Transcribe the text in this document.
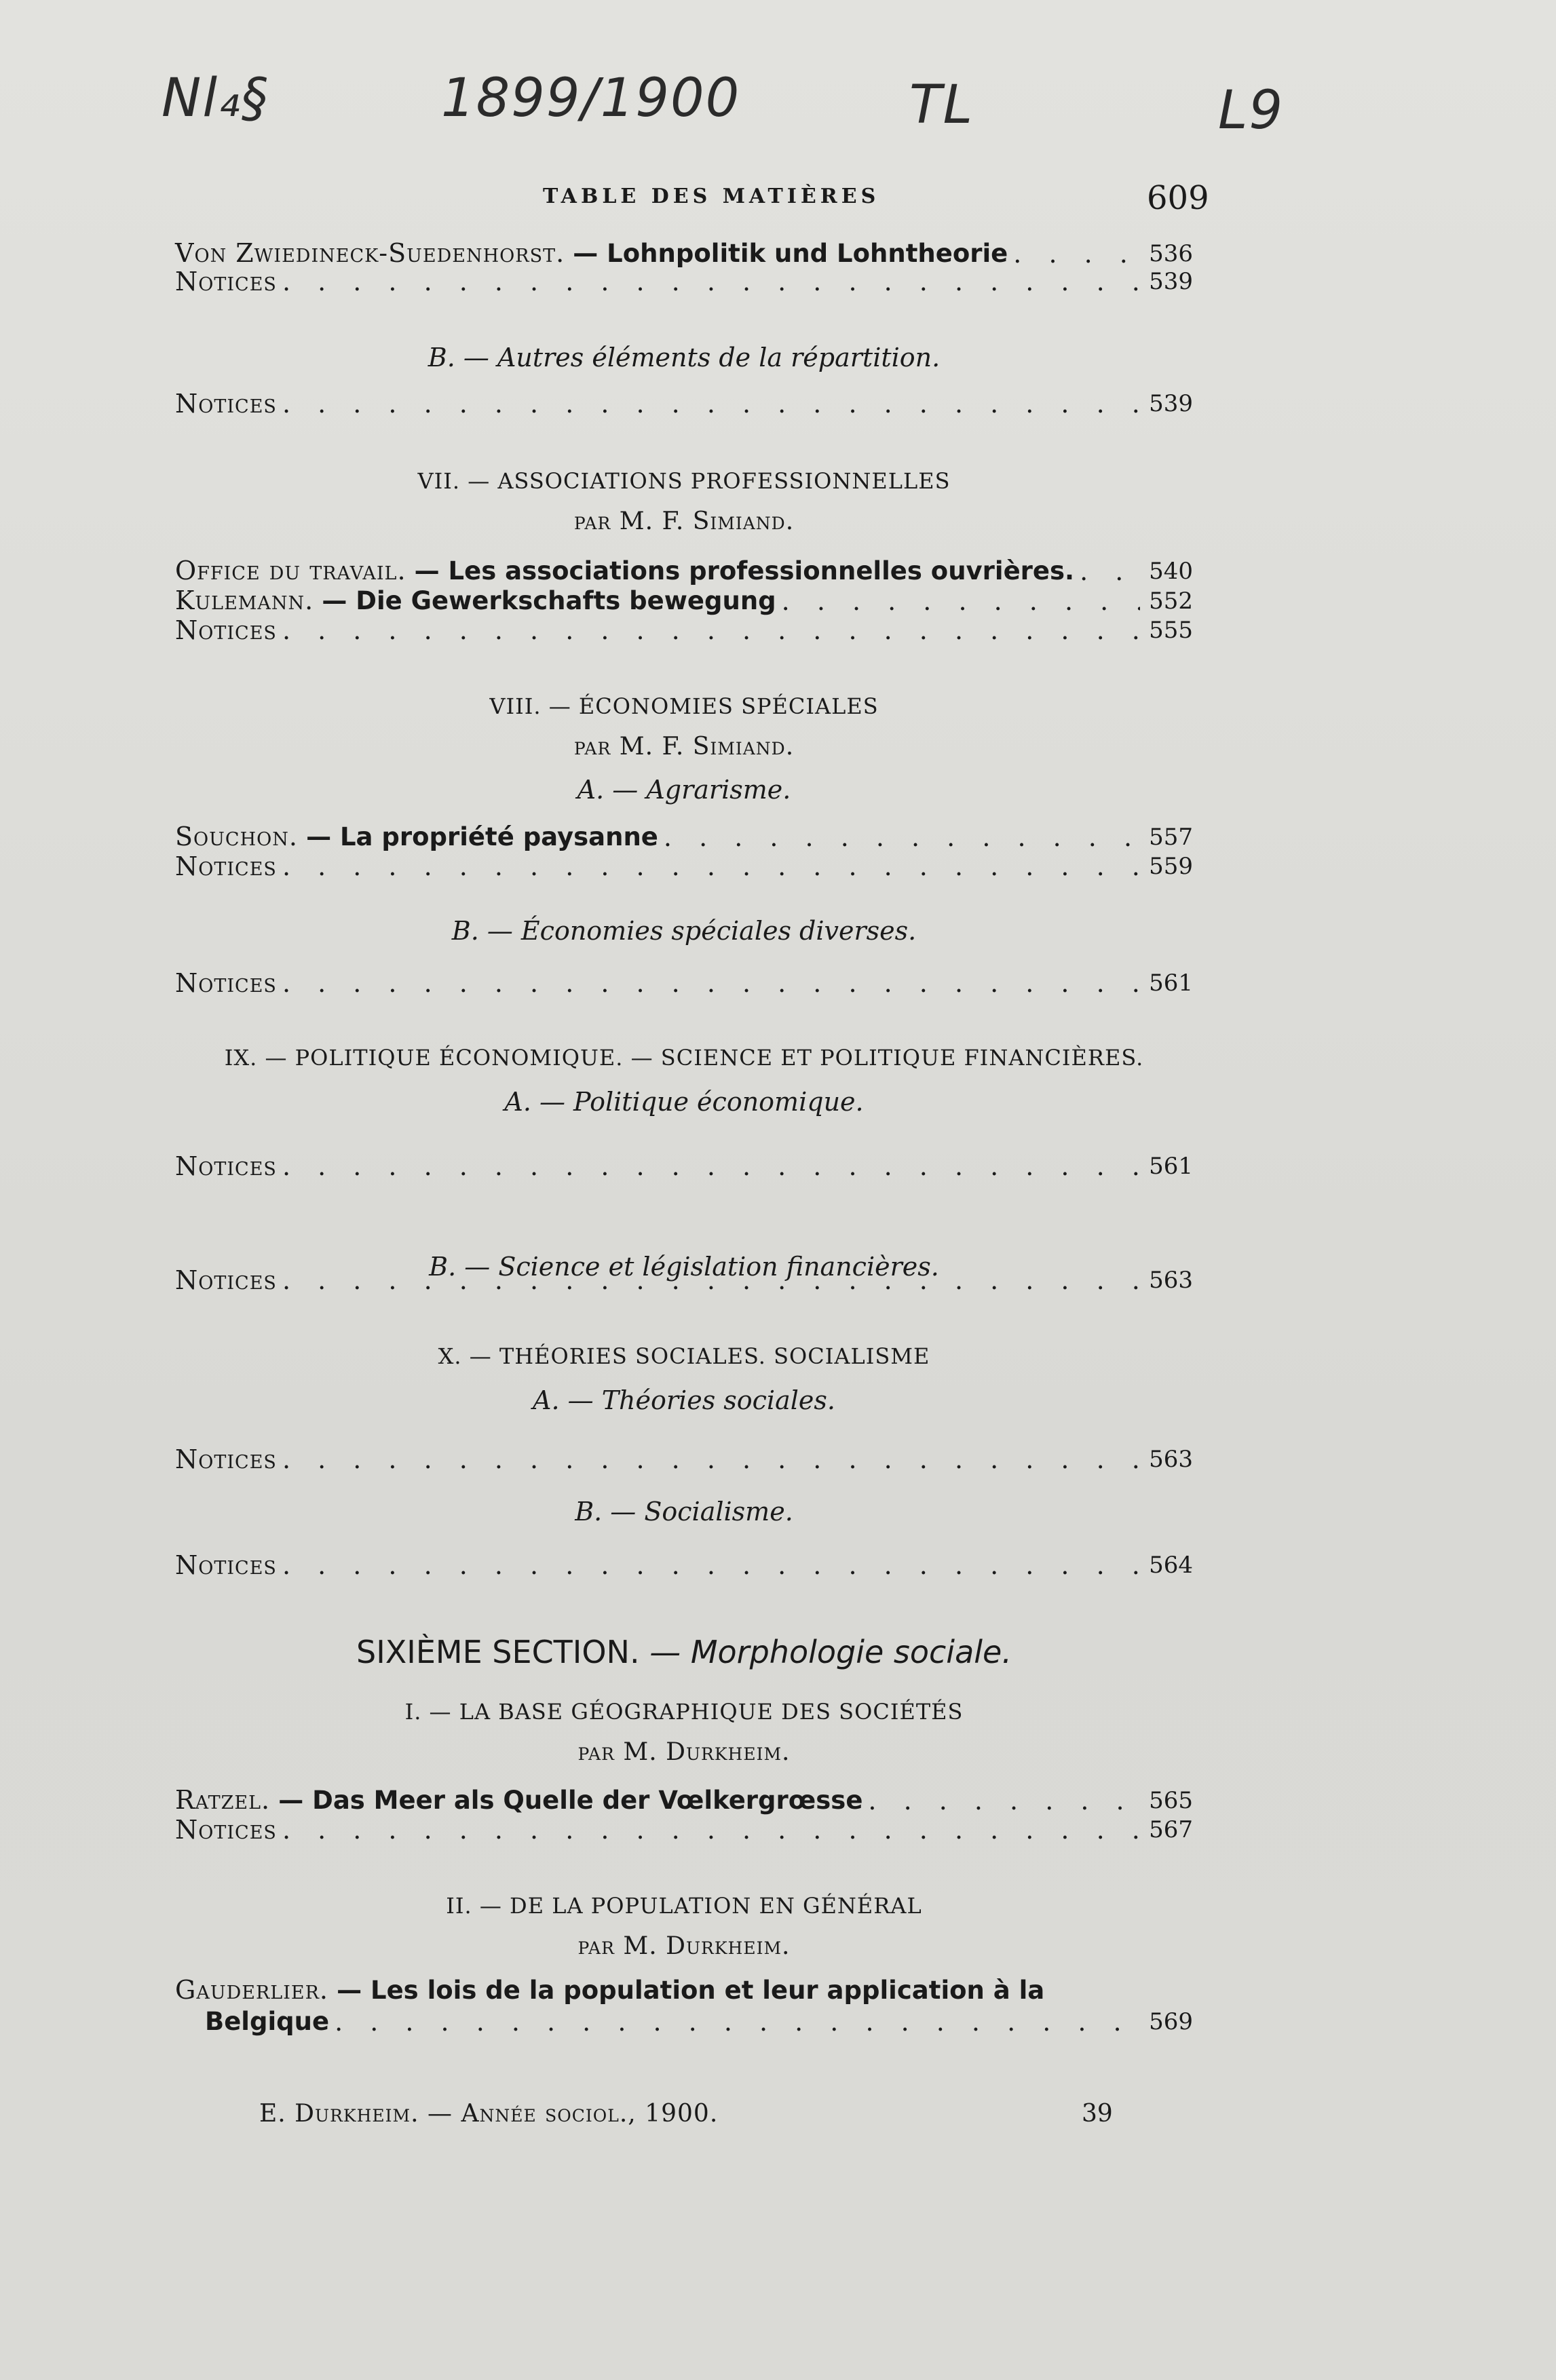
Nl₄§	1899/1900	TL	L9
TABLE DES MATIÈRES	609
Von Zwiedineck-Suedenhorst. — Lohnpolitik und Lohntheorie . . .	536
Notices . . .	539
B. — Autres éléments de la répartition.
Notices . . .	539
VII. — ASSOCIATIONS PROFESSIONNELLES
par M. F. Simiand.
Office du travail. — Les associations professionnelles ouvrières. . . .	540
Kulemann. — Die Gewerkschafts bewegung . . .	552
Notices . . .	555
VIII. — ÉCONOMIES SPÉCIALES
par M. F. Simiand.
A. — Agrarisme.
Souchon. — La propriété paysanne . . .	557
Notices . . .	559
B. — Économies spéciales diverses.
Notices . . .	561
IX. — POLITIQUE ÉCONOMIQUE. — SCIENCE ET POLITIQUE FINANCIÈRES.
A. — Politique économique.
Notices . . .	561
B. — Science et législation financières.
Notices . . .	563
X. — THÉORIES SOCIALES. SOCIALISME
A. — Théories sociales.
Notices . . .	563
B. — Socialisme.
Notices . . .	564
SIXIÈME SECTION. — Morphologie sociale.
I. — LA BASE GÉOGRAPHIQUE DES SOCIÉTÉS
par M. Durkheim.
Ratzel. — Das Meer als Quelle der Vœlkergrœsse . . .	565
Notices . . .	567
II. — DE LA POPULATION EN GÉNÉRAL
par M. Durkheim.
Gauderlier. — Les lois de la population et leur application à la
Belgique . . .	569
E. Durkheim. — Année sociol., 1900.	39
